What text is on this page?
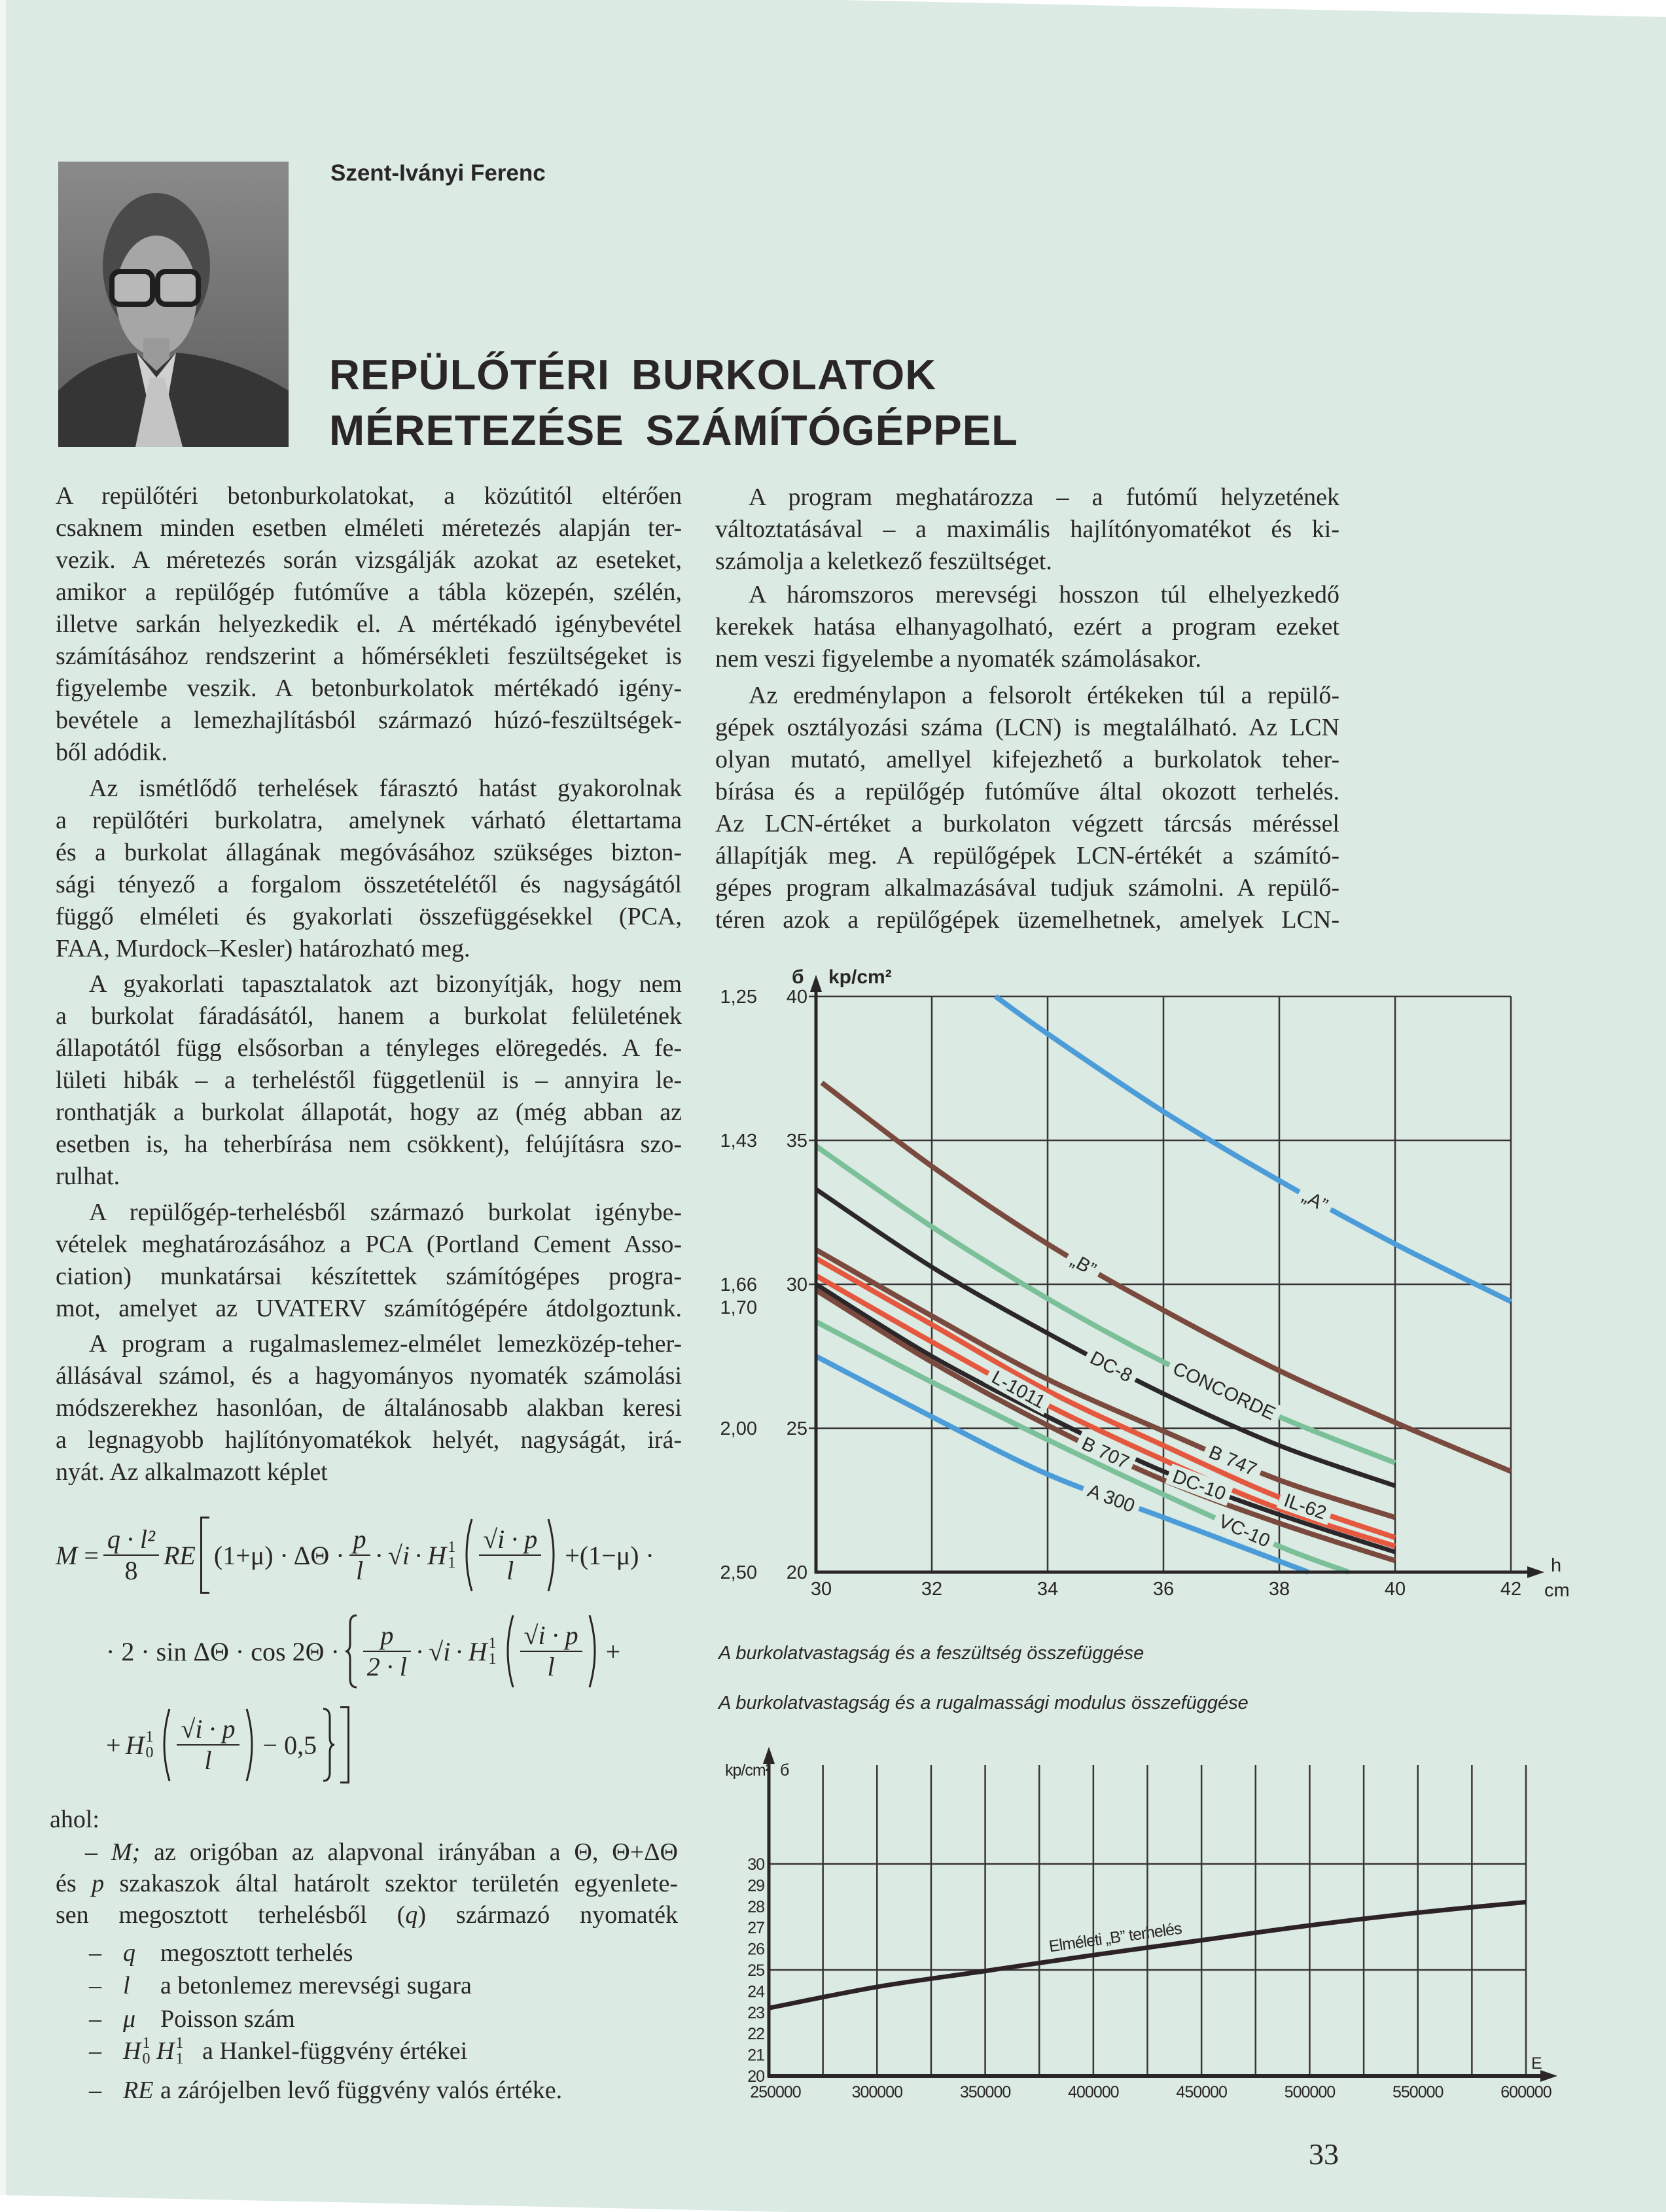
Szent-Iványi Ferenc
REPÜLŐTÉRI BURKOLATOK
MÉRETEZÉSE SZÁMÍTÓGÉPPEL
A repülőtéri betonburkolatokat, a közútitól eltérően
csaknem minden esetben elméleti méretezés alapján ter-
vezik. A méretezés során vizsgálják azokat az eseteket,
amikor a repülőgép futóműve a tábla közepén, szélén,
illetve sarkán helyezkedik el. A mértékadó igénybevétel
számításához rendszerint a hőmérsékleti feszültségeket is
figyelembe veszik. A betonburkolatok mértékadó igény-
bevétele a lemezhajlításból származó húzó-feszültségek-
ből adódik.
Az ismétlődő terhelések fárasztó hatást gyakorolnak
a repülőtéri burkolatra, amelynek várható élettartama
és a burkolat állagának megóvásához szükséges bizton-
sági tényező a forgalom összetételétől és nagyságától
függő elméleti és gyakorlati összefüggésekkel (PCA,
FAA, Murdock–Kesler) határozható meg.
A gyakorlati tapasztalatok azt bizonyítják, hogy nem
a burkolat fáradásától, hanem a burkolat felületének
állapotától függ elsősorban a tényleges elöregedés. A fe-
lületi hibák – a terheléstől függetlenül is – annyira le-
ronthatják a burkolat állapotát, hogy az (még abban az
esetben is, ha teherbírása nem csökkent), felújításra szo-
rulhat.
A repülőgép-terhelésből származó burkolat igénybe-
vételek meghatározásához a PCA (Portland Cement Asso-
ciation) munkatársai készítettek számítógépes progra-
mot, amelyet az UVATERV számítógépére átdolgoztunk.
A program a rugalmaslemez-elmélet lemezközép-teher-
állásával számol, és a hagyományos nyomaték számolási
módszerekhez hasonlóan, de általánosabb alakban keresi
a legnagyobb hajlítónyomatékok helyét, nagyságát, irá-
nyát. Az alkalmazott képlet
$M = \frac{\text{q · l²}}{8}$ RE $(1+\mu) \cdot \Delta\Theta \cdot \frac{p}{l} \cdot √i \cdot H$ 1
$1 \frac{√i \cdot p}{l} +(1-\mu)$ ·
· $2 \cdot \sin \Delta\Theta \cdot \cos 2\Theta \cdot \frac{p}{2 \cdot l} \cdot √i \cdot H$ 1
$1 \frac{√i \cdot p}{l}$ +
+ H 1
$0 \frac{√i \cdot p}{l} - 0,5$
ahol:
– M; az origóban az alapvonal irányában a Θ, Θ+ΔΘ
és p szakaszok által határolt szektor területén egyenlete-
sen megosztott terhelésből (q) származó nyomaték
– q	megosztott terhelés
– l	a betonlemez merevségi sugara
– μ Poisson szám
– H 1
0
H 1
1 a Hankel-függvény értékei
– RE a zárójelben levő függvény valós értéke.
A program meghatározza – a futómű helyzetének
változtatásával – a maximális hajlítónyomatékot és ki-
számolja a keletkező feszültséget.
A háromszoros merevségi hosszon túl elhelyezkedő
kerekek hatása elhanyagolható, ezért a program ezeket
nem veszi figyelembe a nyomaték számolásakor.
Az eredménylapon a felsorolt értékeken túl a repülő-
gépek osztályozási száma (LCN) is megtalálható. Az LCN
olyan mutató, amellyel kifejezhető a burkolatok teher-
bírása és a repülőgép futóműve által okozott terhelés.
Az LCN-értéket a burkolaton végzett tárcsás méréssel
állapítják meg. A repülőgépek LCN-értékét a számító-
gépes program alkalmazásával tudjuk számolni. A repülő-
téren azok a repülőgépek üzemelhetnek, amelyek LCN-
„A”
„B”
CONCORDE
DC-8
B 747
IL-62
L-1011
DC-10
B 707
VC-10
A 300
20
25
30
35
40
1,25
1,43
1,66
1,70
2,00
2,50
30	32	34	36	38	40	42
б kp/cm²
h
cm
Elméleti „B” terhelés
20
21
22
23
24
25
26
27
28
29
30
250000	300000	350000	400000	450000	500000	550000	600000
kp/cm² б
E
A burkolatvastagság és a feszültség összefüggése
A burkolatvastagság és a rugalmassági modulus összefüggése
33
